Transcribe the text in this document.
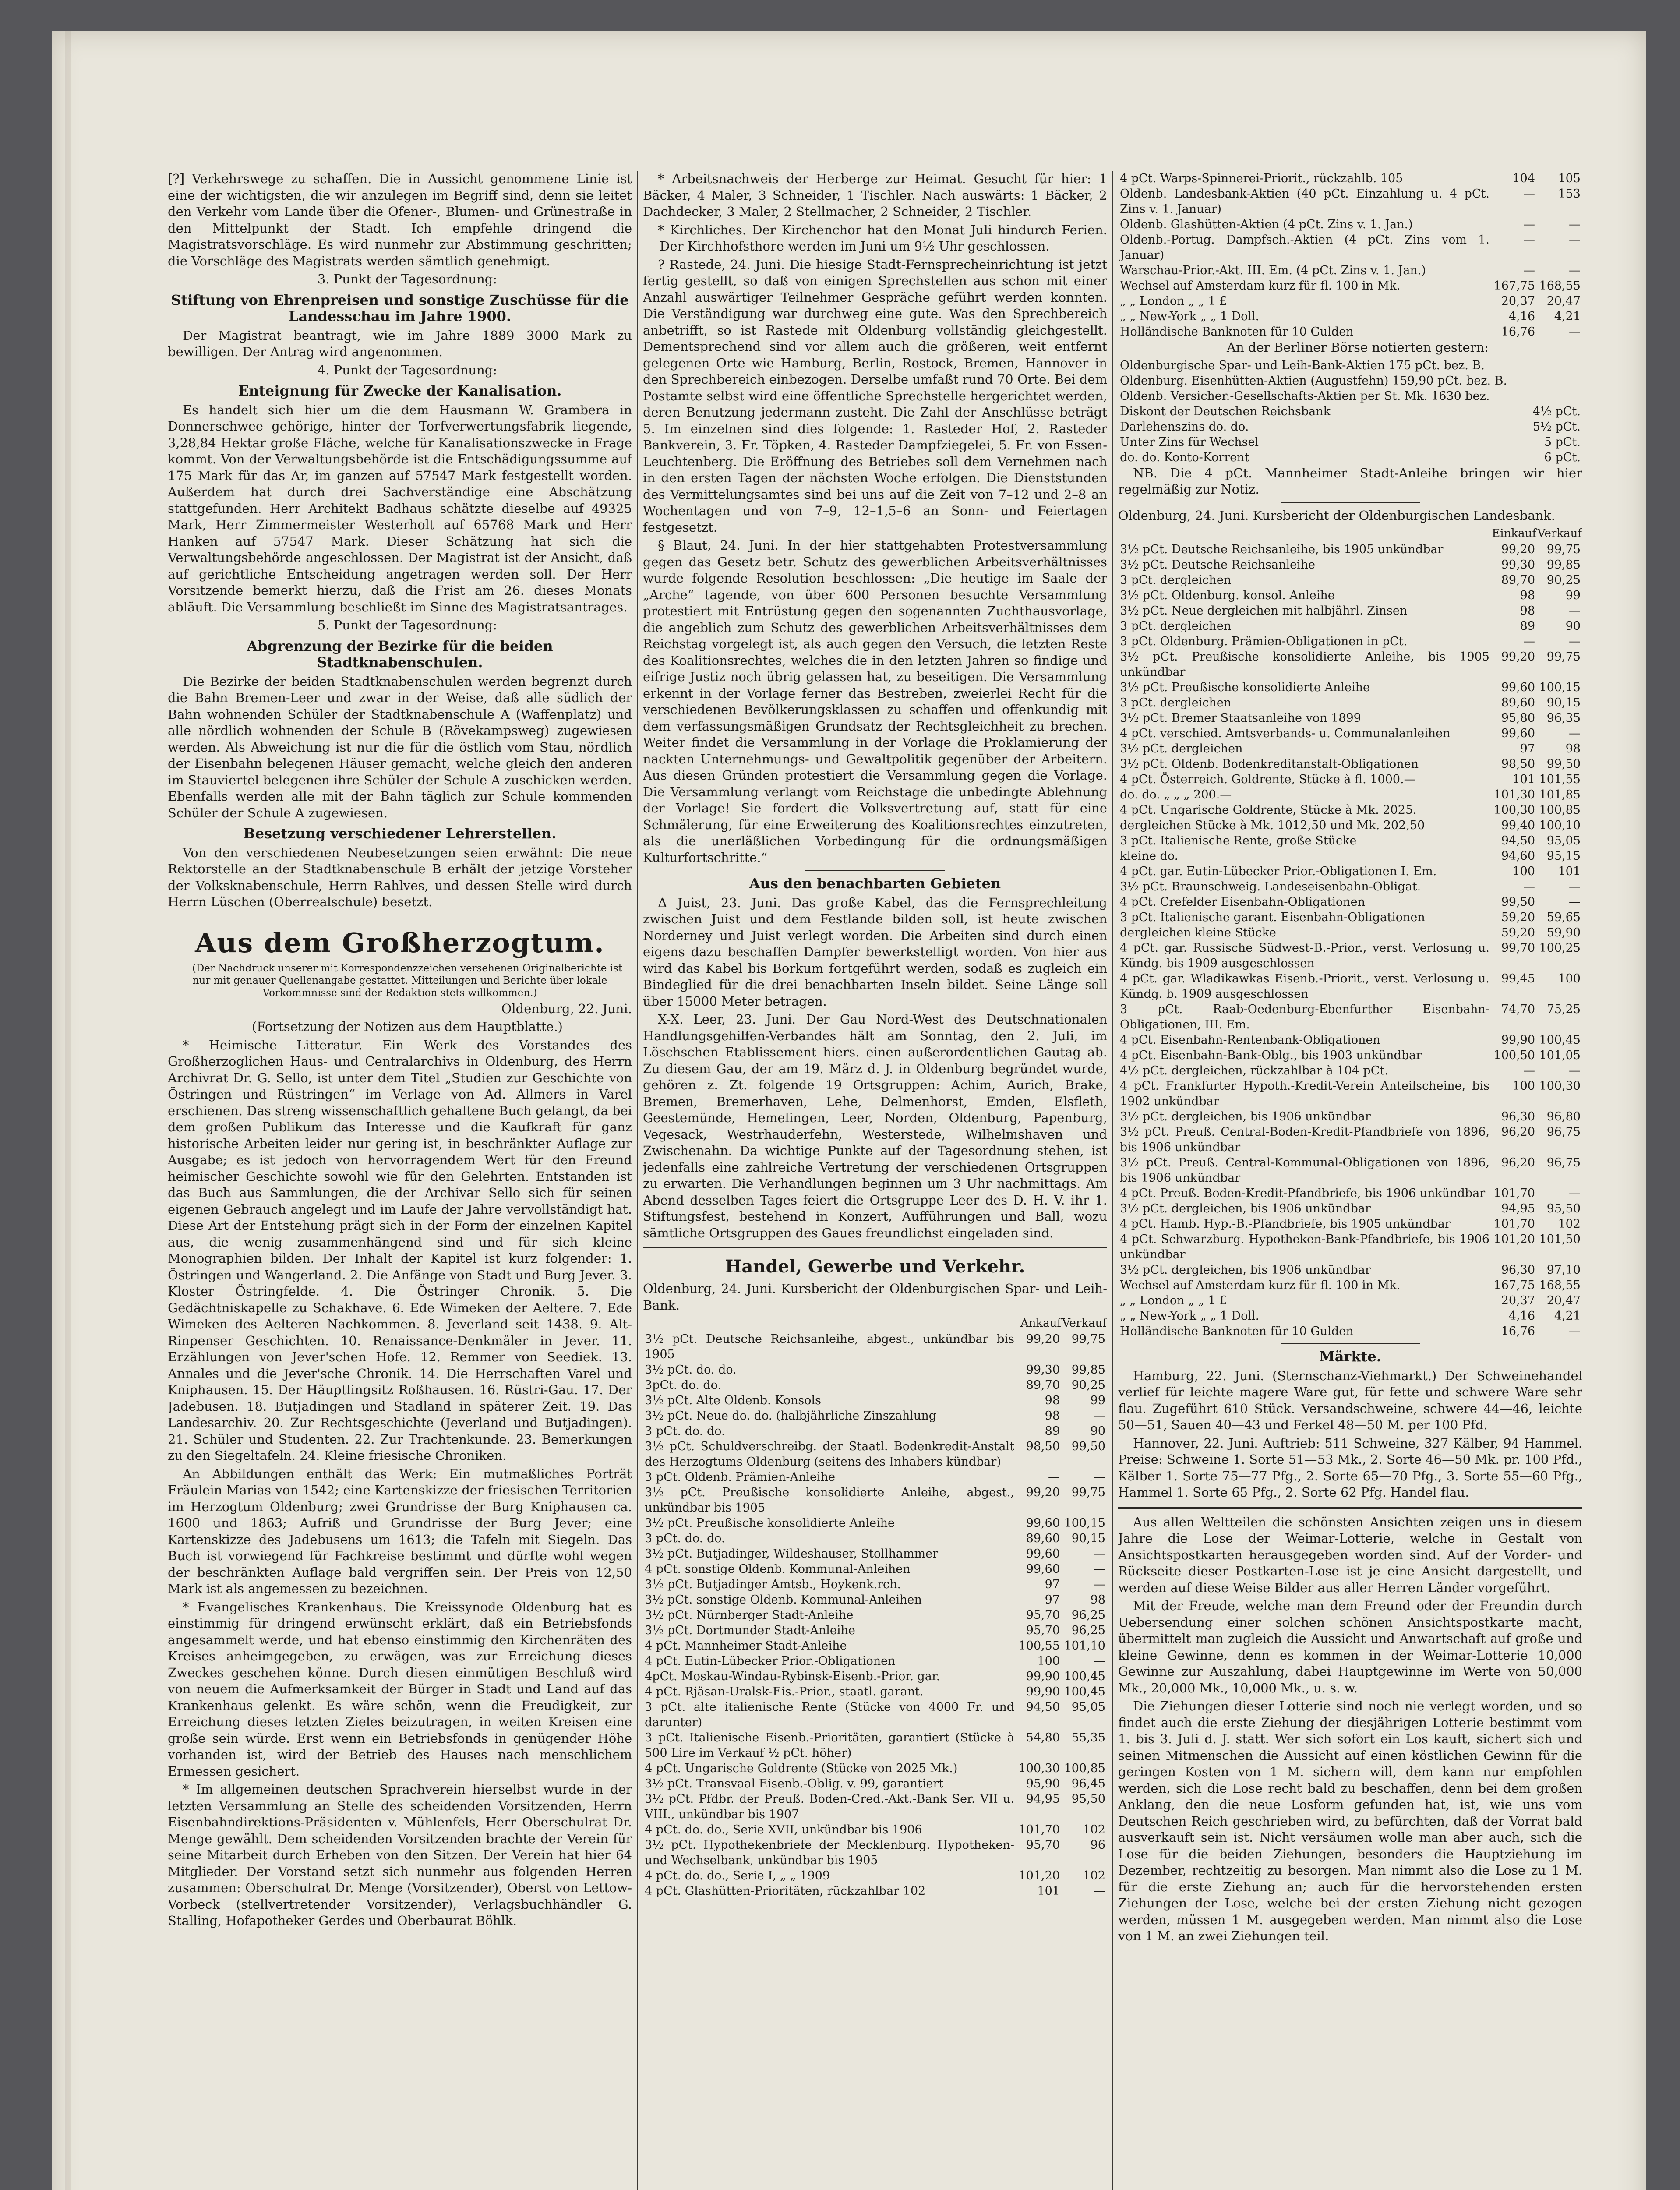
[?] Verkehrswege zu schaffen. Die in Aussicht genommene Linie ist eine der wichtigsten, die wir anzulegen im Begriff sind, denn sie leitet den Verkehr vom Lande über die Ofener-, Blumen- und Grünestraße in den Mittelpunkt der Stadt. Ich empfehle dringend die Magistratsvorschläge. Es wird nunmehr zur Abstimmung geschritten; die Vorschläge des Magistrats werden sämtlich genehmigt.

3. Punkt der Tagesordnung:

Stiftung von Ehrenpreisen und sonstige Zuschüsse für die Landesschau im Jahre 1900.

Der Magistrat beantragt, wie im Jahre 1889 3000 Mark zu bewilligen. Der Antrag wird angenommen.

4. Punkt der Tagesordnung:

Enteignung für Zwecke der Kanalisation.

Es handelt sich hier um die dem Hausmann W. Grambera in Donnerschwee gehörige, hinter der Torfverwertungsfabrik liegende, 3,28,84 Hektar große Fläche, welche für Kanalisationszwecke in Frage kommt. Von der Verwaltungsbehörde ist die Entschädigungssumme auf 175 Mark für das Ar, im ganzen auf 57547 Mark festgestellt worden. Außerdem hat durch drei Sachverständige eine Abschätzung stattgefunden. Herr Architekt Badhaus schätzte dieselbe auf 49325 Mark, Herr Zimmermeister Westerholt auf 65768 Mark und Herr Hanken auf 57547 Mark. Dieser Schätzung hat sich die Verwaltungsbehörde angeschlossen. Der Magistrat ist der Ansicht, daß auf gerichtliche Entscheidung angetragen werden soll. Der Herr Vorsitzende bemerkt hierzu, daß die Frist am 26. dieses Monats abläuft. Die Versammlung beschließt im Sinne des Magistratsantrages.

5. Punkt der Tagesordnung:

Abgrenzung der Bezirke für die beiden Stadtknabenschulen.

Die Bezirke der beiden Stadtknabenschulen werden begrenzt durch die Bahn Bremen-Leer und zwar in der Weise, daß alle südlich der Bahn wohnenden Schüler der Stadtknabenschule A (Waffenplatz) und alle nördlich wohnenden der Schule B (Rövekampsweg) zugewiesen werden. Als Abweichung ist nur die für die östlich vom Stau, nördlich der Eisenbahn belegenen Häuser gemacht, welche gleich den anderen im Stauviertel belegenen ihre Schüler der Schule A zuschicken werden. Ebenfalls werden alle mit der Bahn täglich zur Schule kommenden Schüler der Schule A zugewiesen.

Besetzung verschiedener Lehrerstellen.

Von den verschiedenen Neubesetzungen seien erwähnt: Die neue Rektorstelle an der Stadtknabenschule B erhält der jetzige Vorsteher der Volksknabenschule, Herrn Rahlves, und dessen Stelle wird durch Herrn Lüschen (Oberrealschule) besetzt.

Aus dem Großherzogtum.

(Der Nachdruck unserer mit Korrespondenzzeichen versehenen Originalberichte ist nur mit genauer Quellenangabe gestattet. Mitteilungen und Berichte über lokale Vorkommnisse sind der Redaktion stets willkommen.)

Oldenburg, 22. Juni.

(Fortsetzung der Notizen aus dem Hauptblatte.)

* Heimische Litteratur. Ein Werk des Vorstandes des Großherzoglichen Haus- und Centralarchivs in Oldenburg, des Herrn Archivrat Dr. G. Sello, ist unter dem Titel „Studien zur Geschichte von Östringen und Rüstringen“ im Verlage von Ad. Allmers in Varel erschienen. Das streng wissenschaftlich gehaltene Buch gelangt, da bei dem großen Publikum das Interesse und die Kaufkraft für ganz historische Arbeiten leider nur gering ist, in beschränkter Auflage zur Ausgabe; es ist jedoch von hervorragendem Wert für den Freund heimischer Geschichte sowohl wie für den Gelehrten. Entstanden ist das Buch aus Sammlungen, die der Archivar Sello sich für seinen eigenen Gebrauch angelegt und im Laufe der Jahre vervollständigt hat. Diese Art der Entstehung prägt sich in der Form der einzelnen Kapitel aus, die wenig zusammenhängend sind und für sich kleine Monographien bilden. Der Inhalt der Kapitel ist kurz folgender: 1. Östringen und Wangerland. 2. Die Anfänge von Stadt und Burg Jever. 3. Kloster Östringfelde. 4. Die Östringer Chronik. 5. Die Gedächtniskapelle zu Schakhave. 6. Ede Wimeken der Aeltere. 7. Ede Wimeken des Aelteren Nachkommen. 8. Jeverland seit 1438. 9. Alt-Rinpenser Geschichten. 10. Renaissance-Denkmäler in Jever. 11. Erzählungen von Jever'schen Hofe. 12. Remmer von Seediek. 13. Annales und die Jever'sche Chronik. 14. Die Herrschaften Varel und Kniphausen. 15. Der Häuptlingsitz Roßhausen. 16. Rüstri-Gau. 17. Der Jadebusen. 18. Butjadingen und Stadland in späterer Zeit. 19. Das Landesarchiv. 20. Zur Rechtsgeschichte (Jeverland und Butjadingen). 21. Schüler und Studenten. 22. Zur Trachtenkunde. 23. Bemerkungen zu den Siegeltafeln. 24. Kleine friesische Chroniken.

An Abbildungen enthält das Werk: Ein mutmaßliches Porträt Fräulein Marias von 1542; eine Kartenskizze der friesischen Territorien im Herzogtum Oldenburg; zwei Grundrisse der Burg Kniphausen ca. 1600 und 1863; Aufriß und Grundrisse der Burg Jever; eine Kartenskizze des Jadebusens um 1613; die Tafeln mit Siegeln. Das Buch ist vorwiegend für Fachkreise bestimmt und dürfte wohl wegen der beschränkten Auflage bald vergriffen sein. Der Preis von 12,50 Mark ist als angemessen zu bezeichnen.

* Evangelisches Krankenhaus. Die Kreissynode Oldenburg hat es einstimmig für dringend erwünscht erklärt, daß ein Betriebsfonds angesammelt werde, und hat ebenso einstimmig den Kirchenräten des Kreises anheimgegeben, zu erwägen, was zur Erreichung dieses Zweckes geschehen könne. Durch diesen einmütigen Beschluß wird von neuem die Aufmerksamkeit der Bürger in Stadt und Land auf das Krankenhaus gelenkt. Es wäre schön, wenn die Freudigkeit, zur Erreichung dieses letzten Zieles beizutragen, in weiten Kreisen eine große sein würde. Erst wenn ein Betriebsfonds in genügender Höhe vorhanden ist, wird der Betrieb des Hauses nach menschlichem Ermessen gesichert.

* Im allgemeinen deutschen Sprachverein hierselbst wurde in der letzten Versammlung an Stelle des scheidenden Vorsitzenden, Herrn Eisenbahndirektions-Präsidenten v. Mühlenfels, Herr Oberschulrat Dr. Menge gewählt. Dem scheidenden Vorsitzenden brachte der Verein für seine Mitarbeit durch Erheben von den Sitzen. Der Verein hat hier 64 Mitglieder. Der Vorstand setzt sich nunmehr aus folgenden Herren zusammen: Oberschulrat Dr. Menge (Vorsitzender), Oberst von Lettow-Vorbeck (stellvertretender Vorsitzender), Verlagsbuchhändler G. Stalling, Hofapotheker Gerdes und Oberbaurat Böhlk.

* Arbeitsnachweis der Herberge zur Heimat. Gesucht für hier: 1 Bäcker, 4 Maler, 3 Schneider, 1 Tischler. Nach auswärts: 1 Bäcker, 2 Dachdecker, 3 Maler, 2 Stellmacher, 2 Schneider, 2 Tischler.

* Kirchliches. Der Kirchenchor hat den Monat Juli hindurch Ferien. — Der Kirchhofsthore werden im Juni um 9½ Uhr geschlossen.

? Rastede, 24. Juni. Die hiesige Stadt-Fernsprecheinrichtung ist jetzt fertig gestellt, so daß von einigen Sprechstellen aus schon mit einer Anzahl auswärtiger Teilnehmer Gespräche geführt werden konnten. Die Verständigung war durchweg eine gute. Was den Sprechbereich anbetrifft, so ist Rastede mit Oldenburg vollständig gleichgestellt. Dementsprechend sind vor allem auch die größeren, weit entfernt gelegenen Orte wie Hamburg, Berlin, Rostock, Bremen, Hannover in den Sprechbereich einbezogen. Derselbe umfaßt rund 70 Orte. Bei dem Postamte selbst wird eine öffentliche Sprechstelle hergerichtet werden, deren Benutzung jedermann zusteht. Die Zahl der Anschlüsse beträgt 5. Im einzelnen sind dies folgende: 1. Rasteder Hof, 2. Rasteder Bankverein, 3. Fr. Töpken, 4. Rasteder Dampfziegelei, 5. Fr. von Essen-Leuchtenberg. Die Eröffnung des Betriebes soll dem Vernehmen nach in den ersten Tagen der nächsten Woche erfolgen. Die Dienststunden des Vermittelungsamtes sind bei uns auf die Zeit von 7–12 und 2–8 an Wochentagen und von 7–9, 12–1,5–6 an Sonn- und Feiertagen festgesetzt.

§ Blaut, 24. Juni. In der hier stattgehabten Protestversammlung gegen das Gesetz betr. Schutz des gewerblichen Arbeitsverhältnisses wurde folgende Resolution beschlossen: „Die heutige im Saale der „Arche“ tagende, von über 600 Personen besuchte Versammlung protestiert mit Entrüstung gegen den sogenannten Zuchthausvorlage, die angeblich zum Schutz des gewerblichen Arbeitsverhältnisses dem Reichstag vorgelegt ist, als auch gegen den Versuch, die letzten Reste des Koalitionsrechtes, welches die in den letzten Jahren so findige und eifrige Justiz noch übrig gelassen hat, zu beseitigen. Die Versammlung erkennt in der Vorlage ferner das Bestreben, zweierlei Recht für die verschiedenen Bevölkerungsklassen zu schaffen und offenkundig mit dem verfassungsmäßigen Grundsatz der Rechtsgleichheit zu brechen. Weiter findet die Versammlung in der Vorlage die Proklamierung der nackten Unternehmungs- und Gewaltpolitik gegenüber der Arbeitern. Aus diesen Gründen protestiert die Versammlung gegen die Vorlage. Die Versammlung verlangt vom Reichstage die unbedingte Ablehnung der Vorlage! Sie fordert die Volksvertretung auf, statt für eine Schmälerung, für eine Erweiterung des Koalitionsrechtes einzutreten, als die unerläßlichen Vorbedingung für die ordnungsmäßigen Kulturfortschritte.“

Aus den benachbarten Gebieten

Δ Juist, 23. Juni. Das große Kabel, das die Fernsprechleitung zwischen Juist und dem Festlande bilden soll, ist heute zwischen Norderney und Juist verlegt worden. Die Arbeiten sind durch einen eigens dazu beschaffen Dampfer bewerkstelligt worden. Von hier aus wird das Kabel bis Borkum fortgeführt werden, sodaß es zugleich ein Bindeglied für die drei benachbarten Inseln bildet. Seine Länge soll über 15000 Meter betragen.

X-X. Leer, 23. Juni. Der Gau Nord-West des Deutschnationalen Handlungsgehilfen-Verbandes hält am Sonntag, den 2. Juli, im Löschschen Etablissement hiers. einen außerordentlichen Gautag ab. Zu diesem Gau, der am 19. März d. J. in Oldenburg begründet wurde, gehören z. Zt. folgende 19 Ortsgruppen: Achim, Aurich, Brake, Bremen, Bremerhaven, Lehe, Delmenhorst, Emden, Elsfleth, Geestemünde, Hemelingen, Leer, Norden, Oldenburg, Papenburg, Vegesack, Westrhauderfehn, Westerstede, Wilhelmshaven und Zwischenahn. Da wichtige Punkte auf der Tagesordnung stehen, ist jedenfalls eine zahlreiche Vertretung der verschiedenen Ortsgruppen zu erwarten. Die Verhandlungen beginnen um 3 Uhr nachmittags. Am Abend desselben Tages feiert die Ortsgruppe Leer des D. H. V. ihr 1. Stiftungsfest, bestehend in Konzert, Aufführungen und Ball, wozu sämtliche Ortsgruppen des Gaues freundlichst eingeladen sind.

Handel, Gewerbe und Verkehr.

Oldenburg, 24. Juni. Kursbericht der Oldenburgischen Spar- und Leih-Bank.

	Ankauf	Verkauf
3½ pCt. Deutsche Reichsanleihe, abgest., unkündbar bis 1905	99,20	99,75
3½ pCt. do. do.	99,30	99,85
3pCt. do. do.	89,70	90,25
3½ pCt. Alte Oldenb. Konsols	98	99
3½ pCt. Neue do. do. (halbjährliche Zinszahlung	98	—
3 pCt. do. do.	89	90
3½ pCt. Schuldverschreibg. der Staatl. Bodenkredit-Anstalt des Herzogtums Oldenburg (seitens des Inhabers kündbar)	98,50	99,50
3 pCt. Oldenb. Prämien-Anleihe	—	—
3½ pCt. Preußische konsolidierte Anleihe, abgest., unkündbar bis 1905	99,20	99,75
3½ pCt. Preußische konsolidierte Anleihe	99,60	100,15
3 pCt. do. do.	89,60	90,15
3½ pCt. Butjadinger, Wildeshauser, Stollhammer	99,60	—
4 pCt. sonstige Oldenb. Kommunal-Anleihen	99,60	—
3½ pCt. Butjadinger Amtsb., Hoykenk.rch.	97	—
3½ pCt. sonstige Oldenb. Kommunal-Anleihen	97	98
3½ pCt. Nürnberger Stadt-Anleihe	95,70	96,25
3½ pCt. Dortmunder Stadt-Anleihe	95,70	96,25
4 pCt. Mannheimer Stadt-Anleihe	100,55	101,10
4 pCt. Eutin-Lübecker Prior.-Obligationen	100	—
4pCt. Moskau-Windau-Rybinsk-Eisenb.-Prior. gar.	99,90	100,45
4 pCt. Rjäsan-Uralsk-Eis.-Prior., staatl. garant.	99,90	100,45
3 pCt. alte italienische Rente (Stücke von 4000 Fr. und darunter)	94,50	95,05
3 pCt. Italienische Eisenb.-Prioritäten, garantiert (Stücke à 500 Lire im Verkauf ½ pCt. höher)	54,80	55,35
4 pCt. Ungarische Goldrente (Stücke von 2025 Mk.)	100,30	100,85
3½ pCt. Transvaal Eisenb.-Oblig. v. 99, garantiert	95,90	96,45
3½ pCt. Pfdbr. der Preuß. Boden-Cred.-Akt.-Bank Ser. VII u. VIII., unkündbar bis 1907	94,95	95,50
4 pCt. do. do., Serie XVII, unkündbar bis 1906	101,70	102
3½ pCt. Hypothekenbriefe der Mecklenburg. Hypotheken- und Wechselbank, unkündbar bis 1905	95,70	96
4 pCt. do. do., Serie I, „ „ 1909	101,20	102
4 pCt. Glashütten-Prioritäten, rückzahlbar 102	101	—
4 pCt. Warps-Spinnerei-Priorit., rückzahlb. 105	104	105
Oldenb. Landesbank-Aktien (40 pCt. Einzahlung u. 4 pCt. Zins v. 1. Januar)	—	153
Oldenb. Glashütten-Aktien (4 pCt. Zins v. 1. Jan.)	—	—
Oldenb.-Portug. Dampfsch.-Aktien (4 pCt. Zins vom 1. Januar)	—	—
Warschau-Prior.-Akt. III. Em. (4 pCt. Zins v. 1. Jan.)	—	—
Wechsel auf Amsterdam kurz für fl. 100 in Mk.	167,75	168,55
„ „ London „ „ 1 £	20,37	20,47
„ „ New-York „ „ 1 Doll.	4,16	4,21
Holländische Banknoten für 10 Gulden	16,76	—

An der Berliner Börse notierten gestern:

Oldenburgische Spar- und Leih-Bank-Aktien 175 pCt. bez. B.	
Oldenburg. Eisenhütten-Aktien (Augustfehn) 159,90 pCt. bez. B.	
Oldenb. Versicher.-Gesellschafts-Aktien per St. Mk. 1630 bez.	
Diskont der Deutschen Reichsbank	4½ pCt.
Darlehenszins do. do.	5½ pCt.
Unter Zins für Wechsel	5 pCt.
do. do. Konto-Korrent	6 pCt.

NB. Die 4 pCt. Mannheimer Stadt-Anleihe bringen wir hier regelmäßig zur Notiz.

Oldenburg, 24. Juni. Kursbericht der Oldenburgischen Landesbank.

	Einkauf	Verkauf
3½ pCt. Deutsche Reichsanleihe, bis 1905 unkündbar	99,20	99,75
3½ pCt. Deutsche Reichsanleihe	99,30	99,85
3 pCt. dergleichen	89,70	90,25
3½ pCt. Oldenburg. konsol. Anleihe	98	99
3½ pCt. Neue dergleichen mit halbjährl. Zinsen	98	—
3 pCt. dergleichen	89	90
3 pCt. Oldenburg. Prämien-Obligationen in pCt.	—	—
3½ pCt. Preußische konsolidierte Anleihe, bis 1905 unkündbar	99,20	99,75
3½ pCt. Preußische konsolidierte Anleihe	99,60	100,15
3 pCt. dergleichen	89,60	90,15
3½ pCt. Bremer Staatsanleihe von 1899	95,80	96,35
4 pCt. verschied. Amtsverbands- u. Communalanleihen	99,60	—
3½ pCt. dergleichen	97	98
3½ pCt. Oldenb. Bodenkreditanstalt-Obligationen	98,50	99,50
4 pCt. Österreich. Goldrente, Stücke à fl. 1000.—	101	101,55
do. do. „ „ „ 200.—	101,30	101,85
4 pCt. Ungarische Goldrente, Stücke à Mk. 2025.	100,30	100,85
dergleichen Stücke à Mk. 1012,50 und Mk. 202,50	99,40	100,10
3 pCt. Italienische Rente, große Stücke	94,50	95,05
kleine do.	94,60	95,15
4 pCt. gar. Eutin-Lübecker Prior.-Obligationen I. Em.	100	101
3½ pCt. Braunschweig. Landeseisenbahn-Obligat.	—	—
4 pCt. Crefelder Eisenbahn-Obligationen	99,50	—
3 pCt. Italienische garant. Eisenbahn-Obligationen	59,20	59,65
dergleichen kleine Stücke	59,20	59,90
4 pCt. gar. Russische Südwest-B.-Prior., verst. Verlosung u. Kündg. bis 1909 ausgeschlossen	99,70	100,25
4 pCt. gar. Wladikawkas Eisenb.-Priorit., verst. Verlosung u. Kündg. b. 1909 ausgeschlossen	99,45	100
3 pCt. Raab-Oedenburg-Ebenfurther Eisenbahn-Obligationen, III. Em.	74,70	75,25
4 pCt. Eisenbahn-Rentenbank-Obligationen	99,90	100,45
4 pCt. Eisenbahn-Bank-Oblg., bis 1903 unkündbar	100,50	101,05
4½ pCt. dergleichen, rückzahlbar à 104 pCt.	—	—
4 pCt. Frankfurter Hypoth.-Kredit-Verein Anteilscheine, bis 1902 unkündbar	100	100,30
3½ pCt. dergleichen, bis 1906 unkündbar	96,30	96,80
3½ pCt. Preuß. Central-Boden-Kredit-Pfandbriefe von 1896, bis 1906 unkündbar	96,20	96,75
3½ pCt. Preuß. Central-Kommunal-Obligationen von 1896, bis 1906 unkündbar	96,20	96,75
4 pCt. Preuß. Boden-Kredit-Pfandbriefe, bis 1906 unkündbar	101,70	—
3½ pCt. dergleichen, bis 1906 unkündbar	94,95	95,50
4 pCt. Hamb. Hyp.-B.-Pfandbriefe, bis 1905 unkündbar	101,70	102
4 pCt. Schwarzburg. Hypotheken-Bank-Pfandbriefe, bis 1906 unkündbar	101,20	101,50
3½ pCt. dergleichen, bis 1906 unkündbar	96,30	97,10
Wechsel auf Amsterdam kurz für fl. 100 in Mk.	167,75	168,55
„ „ London „ „ 1 £	20,37	20,47
„ „ New-York „ „ 1 Doll.	4,16	4,21
Holländische Banknoten für 10 Gulden	16,76	—
Märkte.

Hamburg, 22. Juni. (Sternschanz-Viehmarkt.) Der Schweinehandel verlief für leichte magere Ware gut, für fette und schwere Ware sehr flau. Zugeführt 610 Stück. Versandschweine, schwere 44—46, leichte 50—51, Sauen 40—43 und Ferkel 48—50 M. per 100 Pfd.

Hannover, 22. Juni. Auftrieb: 511 Schweine, 327 Kälber, 94 Hammel. Preise: Schweine 1. Sorte 51—53 Mk., 2. Sorte 46—50 Mk. pr. 100 Pfd., Kälber 1. Sorte 75—77 Pfg., 2. Sorte 65—70 Pfg., 3. Sorte 55—60 Pfg., Hammel 1. Sorte 65 Pfg., 2. Sorte 62 Pfg. Handel flau.

Aus allen Weltteilen die schönsten Ansichten zeigen uns in diesem Jahre die Lose der Weimar-Lotterie, welche in Gestalt von Ansichtspostkarten herausgegeben worden sind. Auf der Vorder- und Rückseite dieser Postkarten-Lose ist je eine Ansicht dargestellt, und werden auf diese Weise Bilder aus aller Herren Länder vorgeführt.

Mit der Freude, welche man dem Freund oder der Freundin durch Uebersendung einer solchen schönen Ansichtspostkarte macht, übermittelt man zugleich die Aussicht und Anwartschaft auf große und kleine Gewinne, denn es kommen in der Weimar-Lotterie 10,000 Gewinne zur Auszahlung, dabei Hauptgewinne im Werte von 50,000 Mk., 20,000 Mk., 10,000 Mk., u. s. w.

Die Ziehungen dieser Lotterie sind noch nie verlegt worden, und so findet auch die erste Ziehung der diesjährigen Lotterie bestimmt vom 1. bis 3. Juli d. J. statt. Wer sich sofort ein Los kauft, sichert sich und seinen Mitmenschen die Aussicht auf einen köstlichen Gewinn für die geringen Kosten von 1 M. sichern will, dem kann nur empfohlen werden, sich die Lose recht bald zu beschaffen, denn bei dem großen Anklang, den die neue Losform gefunden hat, ist, wie uns vom Deutschen Reich geschrieben wird, zu befürchten, daß der Vorrat bald ausverkauft sein ist. Nicht versäumen wolle man aber auch, sich die Lose für die beiden Ziehungen, besonders die Hauptziehung im Dezember, rechtzeitig zu besorgen. Man nimmt also die Lose zu 1 M. für die erste Ziehung an; auch für die hervorstehenden ersten Ziehungen der Lose, welche bei der ersten Ziehung nicht gezogen werden, müssen 1 M. ausgegeben werden. Man nimmt also die Lose von 1 M. an zwei Ziehungen teil.
